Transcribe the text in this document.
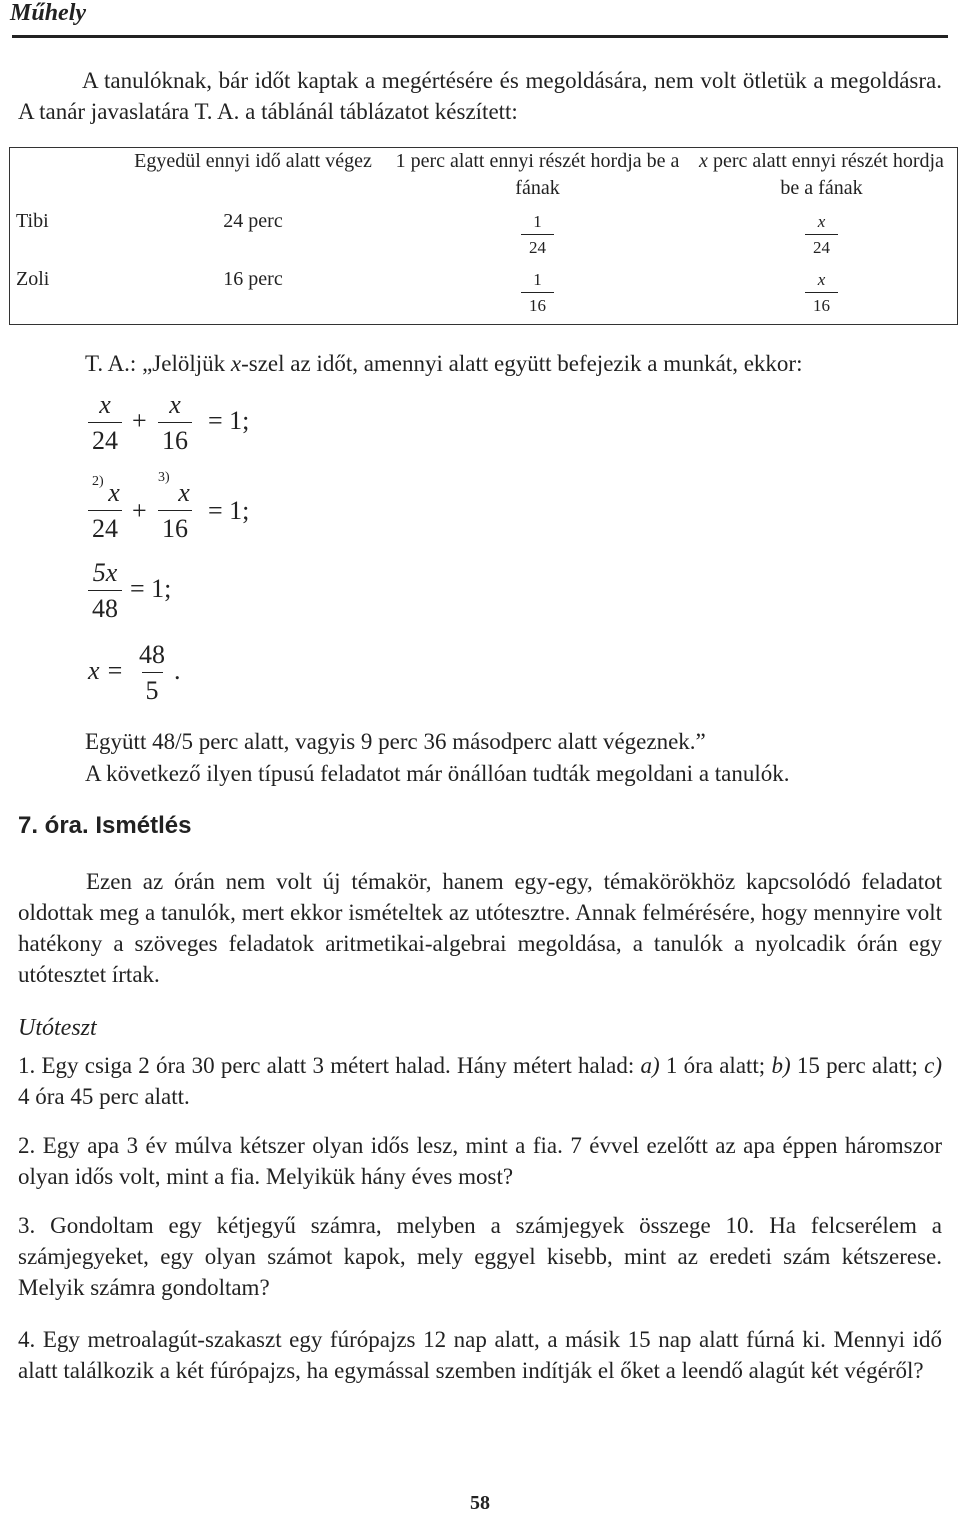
Műhely
A tanulóknak, bár időt kaptak a megértésére és megoldására, nem volt ötletük a megoldásra. A tanár javaslatára T. A. a táblánál táblázatot készített:
	Egyedül ennyi idő alatt végez	1 perc alatt ennyi részét hordja be a fának	x perc alatt ennyi részét hordja be a fának
Tibi	24 perc	$\frac{1}{24}$	$\frac{x}{24}$

Zoli	16 perc	$\frac{1}{16}$	$\frac{x}{16}$
T. A.: „Jelöljük x-szel az időt, amennyi alatt együtt befejezik a munkát, ekkor:
x
24
+
x
16
= 1;
2) x
24
+
3)
x
16
= 1;
5x
48
= 1;
x =
48
5
.
Együtt 48/5 perc alatt, vagyis 9 perc 36 másodperc alatt végeznek.”
A következő ilyen típusú feladatot már önállóan tudták megoldani a tanulók.
7. óra. Ismétlés
Ezen az órán nem volt új témakör, hanem egy-egy, témakörökhöz kapcsolódó feladatot oldottak meg a tanulók, mert ekkor ismételtek az utótesztre. Annak felmérésére, hogy mennyire volt hatékony a szöveges feladatok aritmetikai-algebrai megoldása, a tanulók a nyolcadik órán egy utótesztet írtak.
Utóteszt
1. Egy csiga 2 óra 30 perc alatt 3 métert halad. Hány métert halad: a) 1 óra alatt; b) 15 perc alatt; c) 4 óra 45 perc alatt.
2. Egy apa 3 év múlva kétszer olyan idős lesz, mint a fia. 7 évvel ezelőtt az apa éppen háromszor olyan idős volt, mint a fia. Melyikük hány éves most?
3. Gondoltam egy kétjegyű számra, melyben a számjegyek összege 10. Ha felcserélem a számjegyeket, egy olyan számot kapok, mely eggyel kisebb, mint az eredeti szám kétszerese. Melyik számra gondoltam?
4. Egy metroalagút-szakaszt egy fúrópajzs 12 nap alatt, a másik 15 nap alatt fúrná ki. Mennyi idő alatt találkozik a két fúrópajzs, ha egymással szemben indítják el őket a leendő alagút két végéről?
58
